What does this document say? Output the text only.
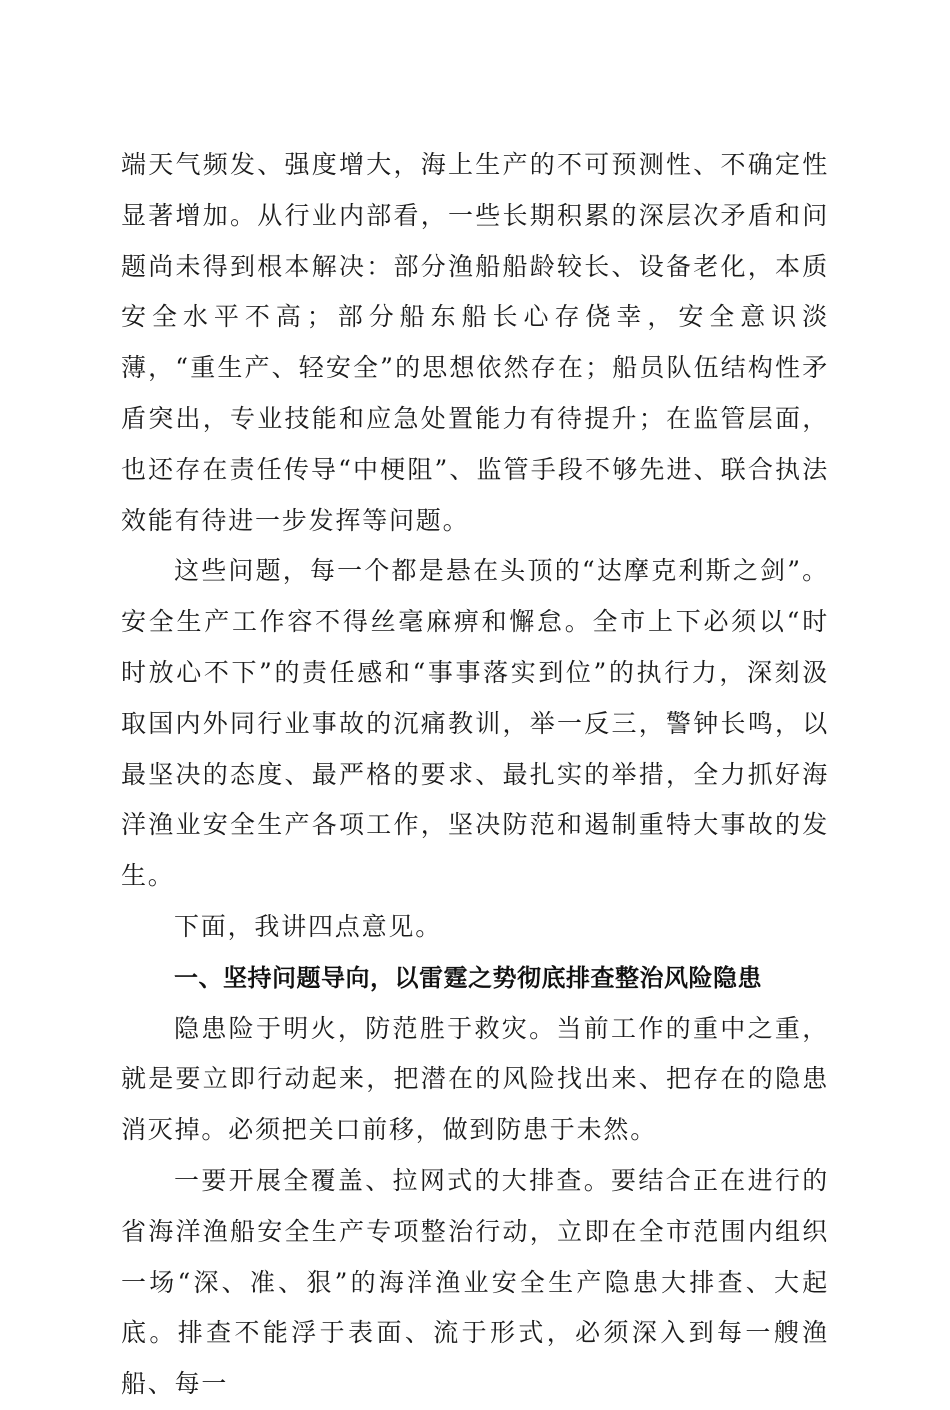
端天气频发、强度增大，海上生产的不可预测性、不确定性显著增加。从行业内部看，一些长期积累的深层次矛盾和问题尚未得到根本解决：部分渔船船龄较长、设备老化，本质安全水平不高；部分船东船长心存侥幸，安全意识淡薄，“重生产、轻安全”的思想依然存在；船员队伍结构性矛盾突出，专业技能和应急处置能力有待提升；在监管层面，也还存在责任传导“中梗阻”、监管手段不够先进、联合执法效能有待进一步发挥等问题。

这些问题，每一个都是悬在头顶的“达摩克利斯之剑”。安全生产工作容不得丝毫麻痹和懈怠。全市上下必须以“时时放心不下”的责任感和“事事落实到位”的执行力，深刻汲取国内外同行业事故的沉痛教训，举一反三，警钟长鸣，以最坚决的态度、最严格的要求、最扎实的举措，全力抓好海洋渔业安全生产各项工作，坚决防范和遏制重特大事故的发生。

下面，我讲四点意见。

一、坚持问题导向，以雷霆之势彻底排查整治风险隐患

隐患险于明火，防范胜于救灾。当前工作的重中之重，就是要立即行动起来，把潜在的风险找出来、把存在的隐患消灭掉。必须把关口前移，做到防患于未然。

一要开展全覆盖、拉网式的大排查。要结合正在进行的省海洋渔船安全生产专项整治行动，立即在全市范围内组织一场“深、准、狠”的海洋渔业安全生产隐患大排查、大起底。排查不能浮于表面、流于形式，必须深入到每一艘渔船、每一
